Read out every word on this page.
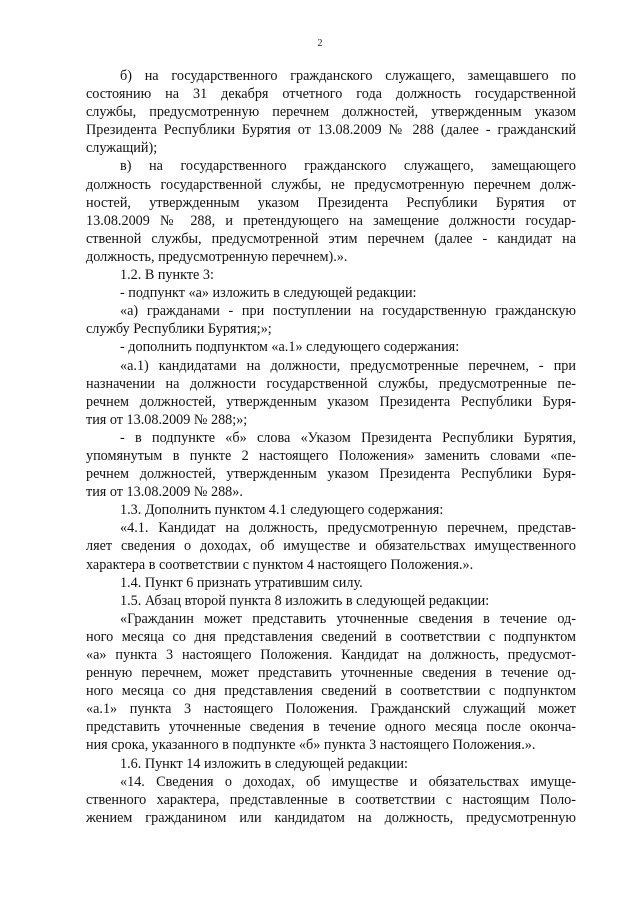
2
б) на государственного гражданского служащего, замещавшего по
состоянию на 31 декабря отчетного года должность государственной
службы, предусмотренную перечнем должностей, утвержденным указом
Президента Республики Бурятия от 13.08.2009 № 288 (далее - гражданский
служащий);
в) на государственного гражданского служащего, замещающего
должность государственной службы, не предусмотренную перечнем долж-
ностей, утвержденным указом Президента Республики Бурятия от
13.08.2009 № 288, и претендующего на замещение должности государ-
ственной службы, предусмотренной этим перечнем (далее - кандидат на
должность, предусмотренную перечнем).».
1.2. В пункте 3:
- подпункт «а» изложить в следующей редакции:
«а) гражданами - при поступлении на государственную гражданскую
службу Республики Бурятия;»;
- дополнить подпунктом «а.1» следующего содержания:
«а.1) кандидатами на должности, предусмотренные перечнем, - при
назначении на должности государственной службы, предусмотренные пе-
речнем должностей, утвержденным указом Президента Республики Буря-
тия от 13.08.2009 № 288;»;
- в подпункте «б» слова «Указом Президента Республики Бурятия,
упомянутым в пункте 2 настоящего Положения» заменить словами «пе-
речнем должностей, утвержденным указом Президента Республики Буря-
тия от 13.08.2009 № 288».
1.3. Дополнить пунктом 4.1 следующего содержания:
«4.1. Кандидат на должность, предусмотренную перечнем, представ-
ляет сведения о доходах, об имуществе и обязательствах имущественного
характера в соответствии с пунктом 4 настоящего Положения.».
1.4. Пункт 6 признать утратившим силу.
1.5. Абзац второй пункта 8 изложить в следующей редакции:
«Гражданин может представить уточненные сведения в течение од-
ного месяца со дня представления сведений в соответствии с подпунктом
«а» пункта 3 настоящего Положения. Кандидат на должность, предусмот-
ренную перечнем, может представить уточненные сведения в течение од-
ного месяца со дня представления сведений в соответствии с подпунктом
«а.1» пункта 3 настоящего Положения. Гражданский служащий может
представить уточненные сведения в течение одного месяца после оконча-
ния срока, указанного в подпункте «б» пункта 3 настоящего Положения.».
1.6. Пункт 14 изложить в следующей редакции:
«14. Сведения о доходах, об имуществе и обязательствах имуще-
ственного характера, представленные в соответствии с настоящим Поло-
жением гражданином или кандидатом на должность, предусмотренную
